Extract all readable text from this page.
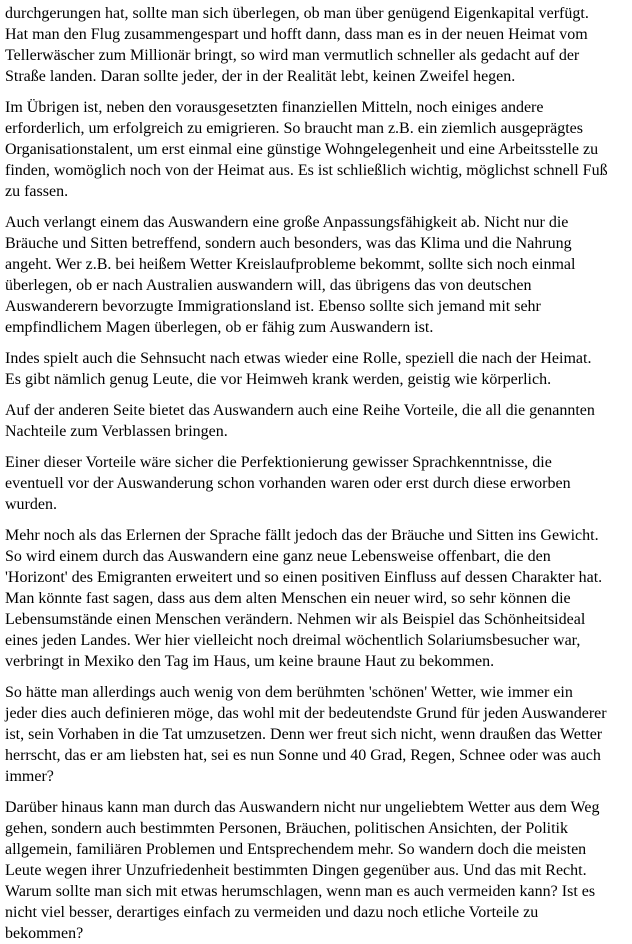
durchgerungen hat, sollte man sich überlegen, ob man über genügend Eigenkapital verfügt.
Hat man den Flug zusammengespart und hofft dann, dass man es in der neuen Heimat vom
Tellerwäscher zum Millionär bringt, so wird man vermutlich schneller als gedacht auf der
Straße landen. Daran sollte jeder, der in der Realität lebt, keinen Zweifel hegen.

Im Übrigen ist, neben den vorausgesetzten finanziellen Mitteln, noch einiges andere
erforderlich, um erfolgreich zu emigrieren. So braucht man z.B. ein ziemlich ausgeprägtes
Organisationstalent, um erst einmal eine günstige Wohngelegenheit und eine Arbeitsstelle zu
finden, womöglich noch von der Heimat aus. Es ist schließlich wichtig, möglichst schnell Fuß
zu fassen.

Auch verlangt einem das Auswandern eine große Anpassungsfähigkeit ab. Nicht nur die
Bräuche und Sitten betreffend, sondern auch besonders, was das Klima und die Nahrung
angeht. Wer z.B. bei heißem Wetter Kreislaufprobleme bekommt, sollte sich noch einmal
überlegen, ob er nach Australien auswandern will, das übrigens das von deutschen
Auswanderern bevorzugte Immigrationsland ist. Ebenso sollte sich jemand mit sehr
empfindlichem Magen überlegen, ob er fähig zum Auswandern ist.

Indes spielt auch die Sehnsucht nach etwas wieder eine Rolle, speziell die nach der Heimat.
Es gibt nämlich genug Leute, die vor Heimweh krank werden, geistig wie körperlich.

Auf der anderen Seite bietet das Auswandern auch eine Reihe Vorteile, die all die genannten
Nachteile zum Verblassen bringen.

Einer dieser Vorteile wäre sicher die Perfektionierung gewisser Sprachkenntnisse, die
eventuell vor der Auswanderung schon vorhanden waren oder erst durch diese erworben
wurden.

Mehr noch als das Erlernen der Sprache fällt jedoch das der Bräuche und Sitten ins Gewicht.
So wird einem durch das Auswandern eine ganz neue Lebensweise offenbart, die den
'Horizont' des Emigranten erweitert und so einen positiven Einfluss auf dessen Charakter hat.
Man könnte fast sagen, dass aus dem alten Menschen ein neuer wird, so sehr können die
Lebensumstände einen Menschen verändern. Nehmen wir als Beispiel das Schönheitsideal
eines jeden Landes. Wer hier vielleicht noch dreimal wöchentlich Solariumsbesucher war,
verbringt in Mexiko den Tag im Haus, um keine braune Haut zu bekommen.

So hätte man allerdings auch wenig von dem berühmten 'schönen' Wetter, wie immer ein
jeder dies auch definieren möge, das wohl mit der bedeutendste Grund für jeden Auswanderer
ist, sein Vorhaben in die Tat umzusetzen. Denn wer freut sich nicht, wenn draußen das Wetter
herrscht, das er am liebsten hat, sei es nun Sonne und 40 Grad, Regen, Schnee oder was auch
immer?

Darüber hinaus kann man durch das Auswandern nicht nur ungeliebtem Wetter aus dem Weg
gehen, sondern auch bestimmten Personen, Bräuchen, politischen Ansichten, der Politik
allgemein, familiären Problemen und Entsprechendem mehr. So wandern doch die meisten
Leute wegen ihrer Unzufriedenheit bestimmten Dingen gegenüber aus. Und das mit Recht.
Warum sollte man sich mit etwas herumschlagen, wenn man es auch vermeiden kann? Ist es
nicht viel besser, derartiges einfach zu vermeiden und dazu noch etliche Vorteile zu
bekommen?
